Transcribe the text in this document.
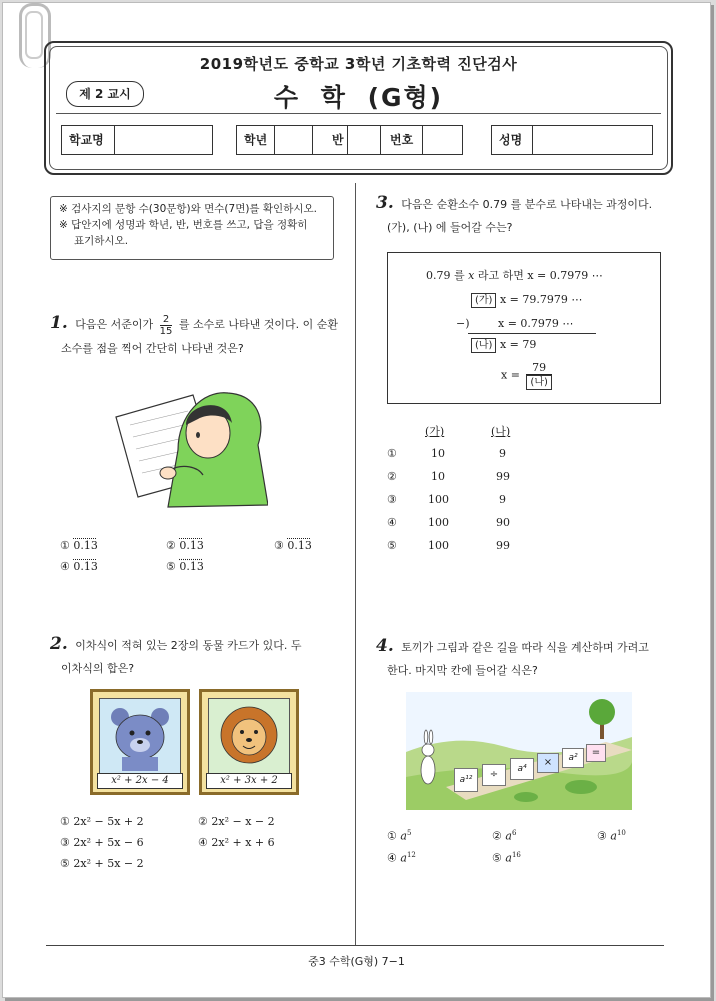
2019학년도 중학교 3학년 기초학력 진단검사
제 2 교시	수 학 (G형)
학교명	학년	반	번호	성명
※ 검사지의 문항 수(30문항)와 면수(7면)를 확인하시오.
※ 답안지에 성명과 학년, 반, 번호를 쓰고, 답을 정확히
표기하시오.
1. 다음은 서준이가 $\frac{2}{15}$ 를 소수로 나타낸 것이다. 이 순환
소수를 점을 찍어 간단히 나타낸 것은?
① 0.13	② 0.13	③ 0.13
④ 0.13	⑤ 0.13
2. 이차식이 적혀 있는 2장의 동물 카드가 있다. 두
이차식의 합은?
x² + 2x − 4	x² + 3x + 2
① 2x² − 5x + 2	② 2x² − x − 2
③ 2x² + 5x − 6	④ 2x² + x + 6
⑤ 2x² + 5x − 2
3. 다음은 순환소수 0.79 를 분수로 나타내는 과정이다.
(가), (나) 에 들어갈 수는?
0.79 를 x 라고 하면 x = 0.7979 ⋯
(가) x = 79.7979 ⋯
−)	x = 0.7979 ⋯
(나) x = 79
$x = \frac{79}{\text{(나)}}$
(가)	(나)
①	10	9
②	10	99
③	100	9
④	100	90
⑤	100	99
4. 토끼가 그림과 같은 길을 따라 식을 계산하며 가려고
한다. 마지막 칸에 들어갈 식은?
a¹²	÷	a⁴
×	a²	=
① $a^5$	② $a^6$	③ $a^{10}$
④ $a^{12}$	⑤ $a^{16}$
중3 수학(G형) 7−1
